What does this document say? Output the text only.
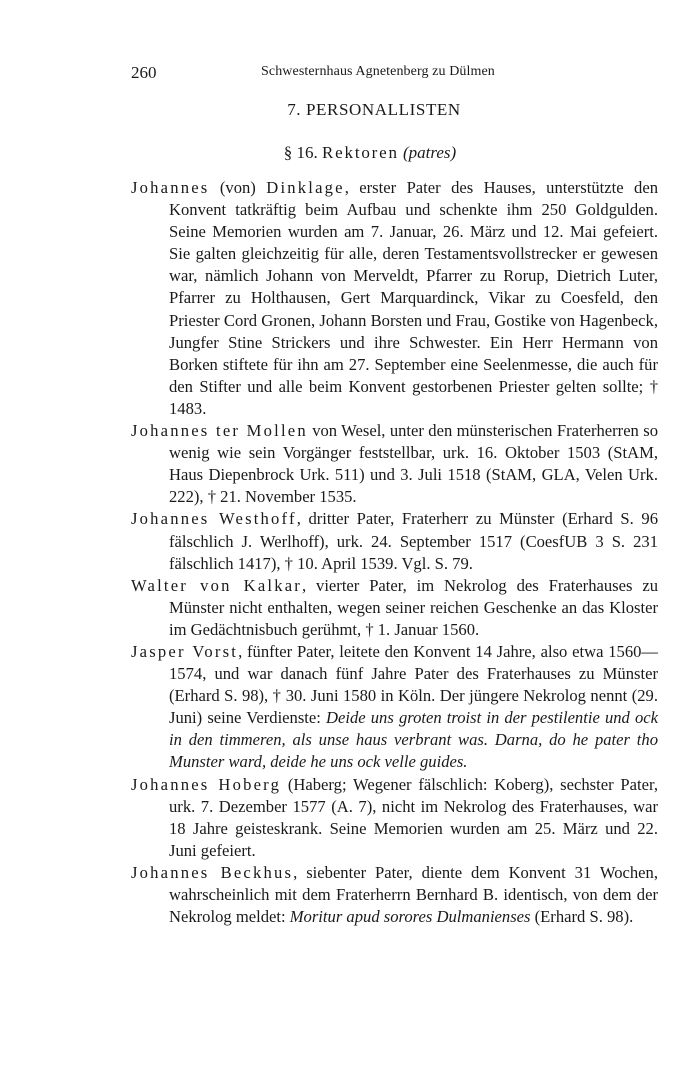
260	Schwesternhaus Agnetenberg zu Dülmen
7. PERSONALLISTEN
§ 16. Rektoren (patres)

Johannes (von) Dinklage, erster Pater des Hauses, unterstützte den Konvent tatkräftig beim Aufbau und schenkte ihm 250 Goldgulden. Seine Memorien wurden am 7. Januar, 26. März und 12. Mai gefeiert. Sie galten gleichzeitig für alle, deren Testamentsvollstrecker er gewesen war, nämlich Johann von Merveldt, Pfarrer zu Rorup, Dietrich Luter, Pfarrer zu Holthausen, Gert Marquardinck, Vikar zu Coesfeld, den Priester Cord Gronen, Johann Borsten und Frau, Gostike von Hagenbeck, Jungfer Stine Strickers und ihre Schwester. Ein Herr Hermann von Borken stiftete für ihn am 27. September eine Seelenmesse, die auch für den Stifter und alle beim Konvent gestorbenen Priester gelten sollte; † 1483.

Johannes ter Mollen von Wesel, unter den münsterischen Fraterherren so wenig wie sein Vorgänger feststellbar, urk. 16. Oktober 1503 (StAM, Haus Diepenbrock Urk. 511) und 3. Juli 1518 (StAM, GLA, Velen Urk. 222), † 21. November 1535.

Johannes Westhoff, dritter Pater, Fraterherr zu Münster (Erhard S. 96 fälschlich J. Werlhoff), urk. 24. September 1517 (CoesfUB 3 S. 231 fälschlich 1417), † 10. April 1539. Vgl. S. 79.

Walter von Kalkar, vierter Pater, im Nekrolog des Fraterhauses zu Münster nicht enthalten, wegen seiner reichen Geschenke an das Kloster im Gedächtnisbuch gerühmt, † 1. Januar 1560.

Jasper Vorst, fünfter Pater, leitete den Konvent 14 Jahre, also etwa 1560—1574, und war danach fünf Jahre Pater des Fraterhauses zu Münster (Erhard S. 98), † 30. Juni 1580 in Köln. Der jüngere Nekrolog nennt (29. Juni) seine Verdienste: Deide uns groten troist in der pestilentie und ock in den timmeren, als unse haus verbrant was. Darna, do he pater tho Munster ward, deide he uns ock velle guides.

Johannes Hoberg (Haberg; Wegener fälschlich: Koberg), sechster Pater, urk. 7. Dezember 1577 (A. 7), nicht im Nekrolog des Fraterhauses, war 18 Jahre geisteskrank. Seine Memorien wurden am 25. März und 22. Juni gefeiert.

Johannes Beckhus, siebenter Pater, diente dem Konvent 31 Wochen, wahrscheinlich mit dem Fraterherrn Bernhard B. identisch, von dem der Nekrolog meldet: Moritur apud sorores Dulmanienses (Erhard S. 98).
